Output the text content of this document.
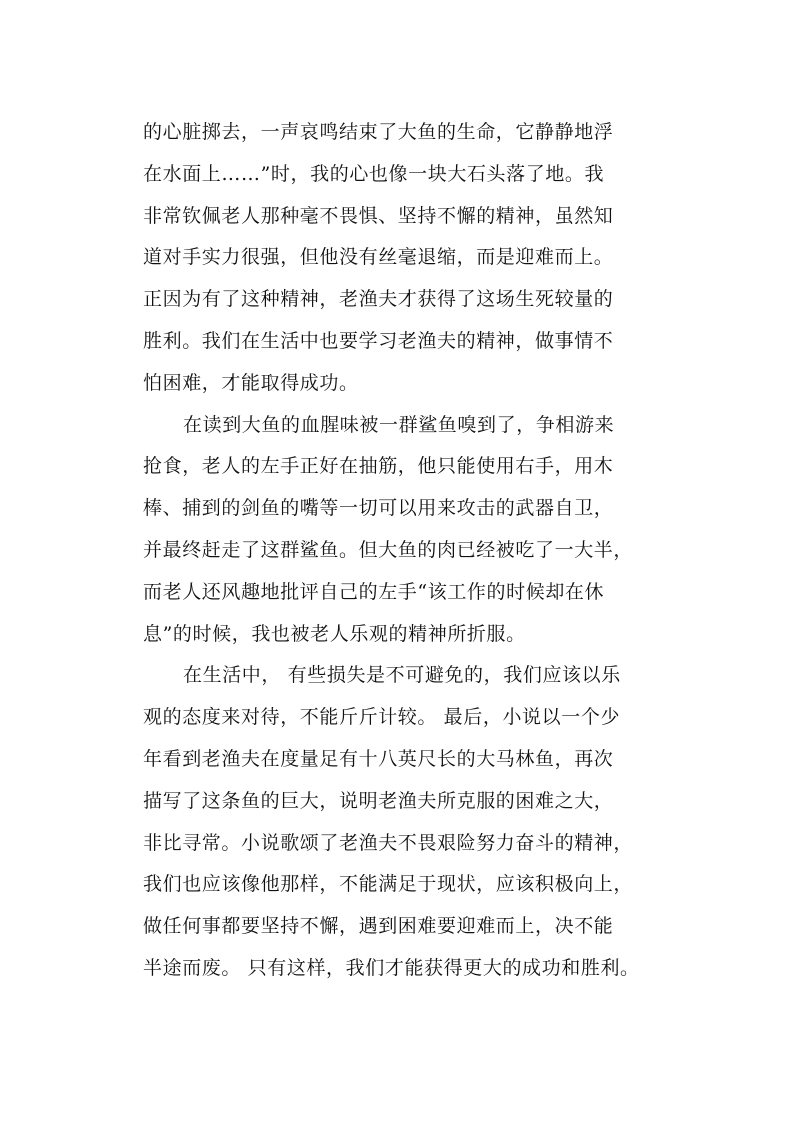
的心脏掷去，一声哀鸣结束了大鱼的生命，它静静地浮
在水面上……”时，我的心也像一块大石头落了地。我
非常钦佩老人那种毫不畏惧、坚持不懈的精神，虽然知
道对手实力很强，但他没有丝毫退缩，而是迎难而上。
正因为有了这种精神，老渔夫才获得了这场生死较量的
胜利。我们在生活中也要学习老渔夫的精神，做事情不
怕困难，才能取得成功。
在读到大鱼的血腥味被一群鲨鱼嗅到了，争相游来
抢食，老人的左手正好在抽筋，他只能使用右手，用木
棒、捕到的剑鱼的嘴等一切可以用来攻击的武器自卫，
并最终赶走了这群鲨鱼。但大鱼的肉已经被吃了一大半，
而老人还风趣地批评自己的左手“该工作的时候却在休
息”的时候，我也被老人乐观的精神所折服。
在生活中， 有些损失是不可避免的，我们应该以乐
观的态度来对待，不能斤斤计较。 最后，小说以一个少
年看到老渔夫在度量足有十八英尺长的大马林鱼，再次
描写了这条鱼的巨大，说明老渔夫所克服的困难之大，
非比寻常。小说歌颂了老渔夫不畏艰险努力奋斗的精神，
我们也应该像他那样，不能满足于现状，应该积极向上，
做任何事都要坚持不懈，遇到困难要迎难而上，决不能
半途而废。 只有这样，我们才能获得更大的成功和胜利。
